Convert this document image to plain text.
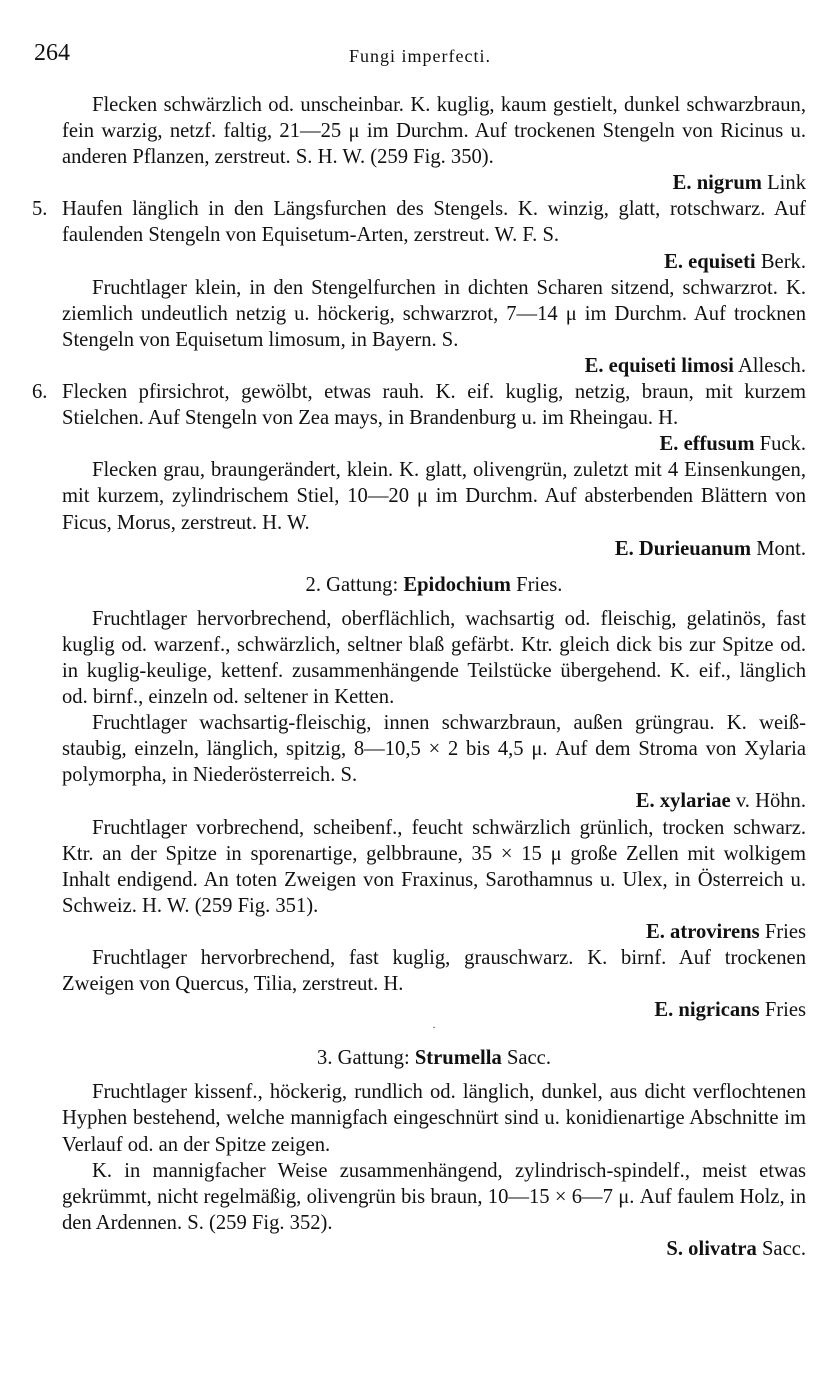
264	Fungi imperfecti.

Flecken schwärzlich od. unscheinbar. K. kuglig, kaum gestielt, dunkel schwarzbraun, fein warzig, netzf. faltig, 21—25 μ im Durchm. Auf trockenen Stengeln von Ricinus u. anderen Pflanzen, zerstreut. S. H. W. (259 Fig. 350).
E. nigrum Link

5. Haufen länglich in den Längsfurchen des Stengels. K. winzig, glatt, rotschwarz. Auf faulenden Stengeln von Equisetum-Arten, zerstreut. W. F. S.
E. equiseti Berk.

Fruchtlager klein, in den Stengelfurchen in dichten Scharen sitzend, schwarzrot. K. ziemlich undeutlich netzig u. höckerig, schwarzrot, 7—14 μ im Durchm. Auf trocknen Stengeln von Equisetum limosum, in Bayern. S.
E. equiseti limosi Allesch.

6. Flecken pfirsichrot, gewölbt, etwas rauh. K. eif. kuglig, netzig, braun, mit kurzem Stielchen. Auf Stengeln von Zea mays, in Brandenburg u. im Rheingau. H.
E. effusum Fuck.

Flecken grau, braungerändert, klein. K. glatt, olivengrün, zuletzt mit 4 Einsenkungen, mit kurzem, zylindrischem Stiel, 10—20 μ im Durchm. Auf absterbenden Blättern von Ficus, Morus, zerstreut. H. W.
E. Durieuanum Mont.

2. Gattung: Epidochium Fries.

Fruchtlager hervorbrechend, oberflächlich, wachsartig od. fleischig, gelatinös, fast kuglig od. warzenf., schwärzlich, seltner blaß gefärbt. Ktr. gleich dick bis zur Spitze od. in kuglig-keulige, kettenf. zusammenhängende Teilstücke übergehend. K. eif., länglich od. birnf., einzeln od. seltener in Ketten.

Fruchtlager wachsartig-fleischig, innen schwarzbraun, außen grüngrau. K. weiß-staubig, einzeln, länglich, spitzig, 8—10,5 × 2 bis 4,5 μ. Auf dem Stroma von Xylaria polymorpha, in Niederösterreich. S.
E. xylariae v. Höhn.

Fruchtlager vorbrechend, scheibenf., feucht schwärzlich grünlich, trocken schwarz. Ktr. an der Spitze in sporenartige, gelbbraune, 35 × 15 μ große Zellen mit wolkigem Inhalt endigend. An toten Zweigen von Fraxinus, Sarothamnus u. Ulex, in Österreich u. Schweiz. H. W. (259 Fig. 351).
E. atrovirens Fries

Fruchtlager hervorbrechend, fast kuglig, grauschwarz. K. birnf. Auf trockenen Zweigen von Quercus, Tilia, zerstreut. H.
E. nigricans Fries

·
3. Gattung: Strumella Sacc.

Fruchtlager kissenf., höckerig, rundlich od. länglich, dunkel, aus dicht verflochtenen Hyphen bestehend, welche mannigfach eingeschnürt sind u. konidienartige Abschnitte im Verlauf od. an der Spitze zeigen.

K. in mannigfacher Weise zusammenhängend, zylindrisch-spindelf., meist etwas gekrümmt, nicht regelmäßig, olivengrün bis braun, 10—15 × 6—7 μ. Auf faulem Holz, in den Ardennen. S. (259 Fig. 352).
S. olivatra Sacc.
